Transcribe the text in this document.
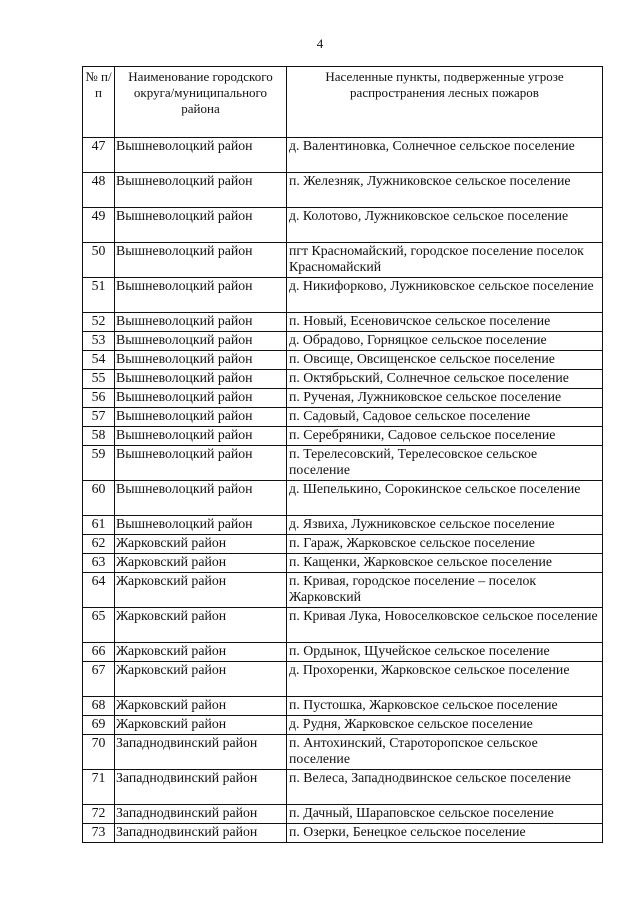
4
№ п/п	Наименование городского округа/муниципального района	Населенные пункты, подверженные угрозе распространения лесных пожаров
47	Вышневолоцкий район	д. Валентиновка, Солнечное сельское поселение
48	Вышневолоцкий район	п. Железняк, Лужниковское сельское поселение
49	Вышневолоцкий район	д. Колотово, Лужниковское сельское поселение
50	Вышневолоцкий район	пгт Красномайский, городское поселение поселок Красномайский
51	Вышневолоцкий район	д. Никифорково, Лужниковское сельское поселение
52	Вышневолоцкий район	п. Новый, Есеновичское сельское поселение
53	Вышневолоцкий район	д. Обрадово, Горняцкое сельское поселение
54	Вышневолоцкий район	п. Овсище, Овсищенское сельское поселение
55	Вышневолоцкий район	п. Октябрьский, Солнечное сельское поселение
56	Вышневолоцкий район	п. Рученая, Лужниковское сельское поселение
57	Вышневолоцкий район	п. Садовый, Садовое сельское поселение
58	Вышневолоцкий район	п. Серебряники, Садовое сельское поселение
59	Вышневолоцкий район	п. Терелесовский, Терелесовское сельское поселение
60	Вышневолоцкий район	д. Шепелькино, Сорокинское сельское поселение
61	Вышневолоцкий район	д. Язвиха, Лужниковское сельское поселение
62	Жарковский район	п. Гараж, Жарковское сельское поселение
63	Жарковский район	п. Кащенки, Жарковское сельское поселение
64	Жарковский район	п. Кривая, городское поселение – поселок Жарковский
65	Жарковский район	п. Кривая Лука, Новоселковское сельское поселение
66	Жарковский район	п. Ордынок, Щучейское сельское поселение
67	Жарковский район	д. Прохоренки, Жарковское сельское поселение
68	Жарковский район	п. Пустошка, Жарковское сельское поселение
69	Жарковский район	д. Рудня, Жарковское сельское поселение
70	Западнодвинский район	п. Антохинский, Староторопское сельское поселение
71	Западнодвинский район	п. Велеса, Западнодвинское сельское поселение
72	Западнодвинский район	п. Дачный, Шараповское сельское поселение
73	Западнодвинский район	п. Озерки, Бенецкое сельское поселение
